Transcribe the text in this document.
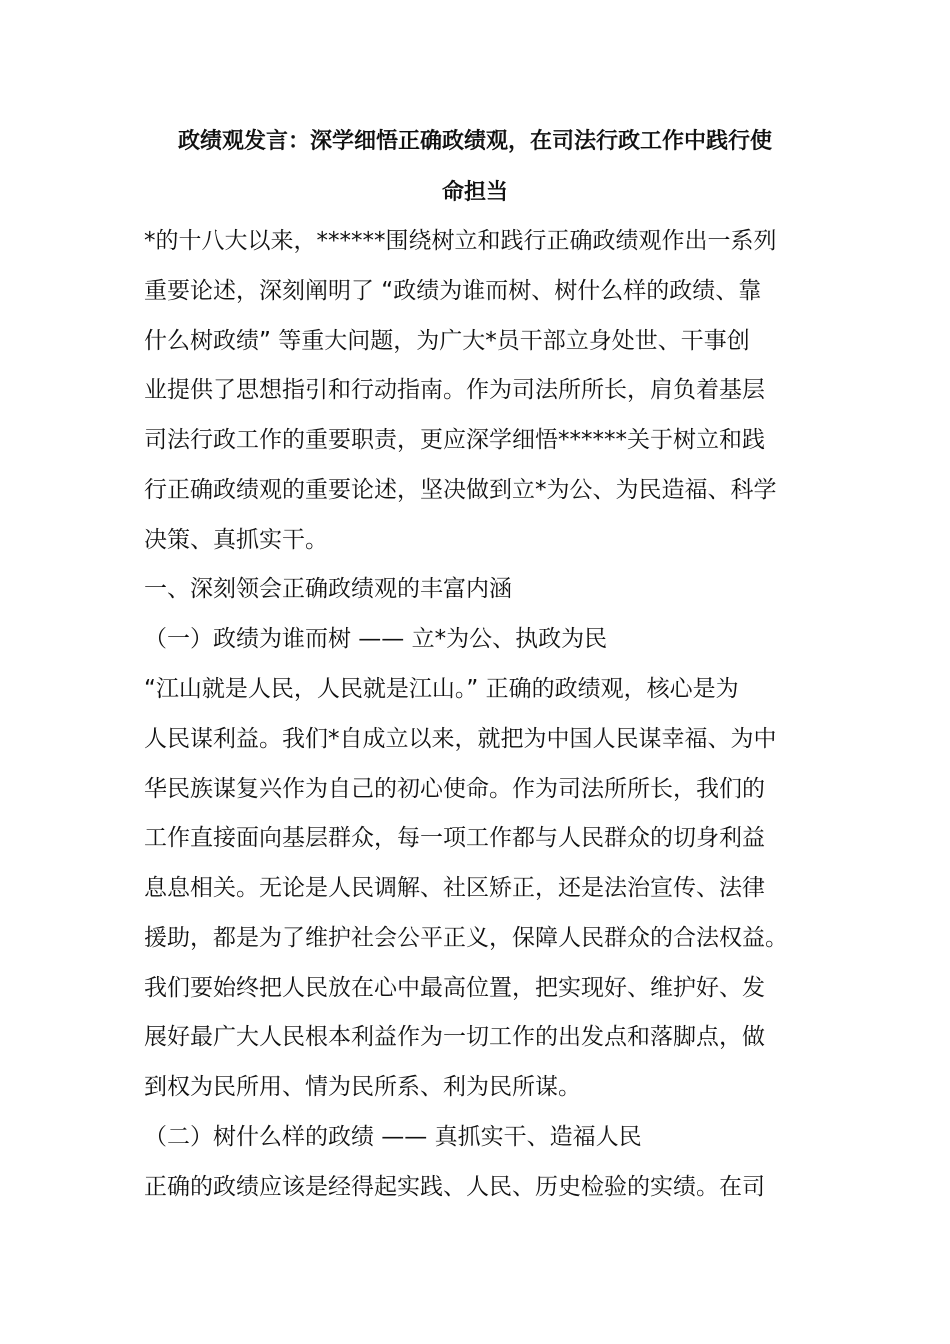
政绩观发言：深学细悟正确政绩观，在司法行政工作中践行使
命担当
*的十八大以来，******围绕树立和践行正确政绩观作出一系列
重要论述，深刻阐明了 “政绩为谁而树、树什么样的政绩、靠
什么树政绩” 等重大问题，为广大*员干部立身处世、干事创
业提供了思想指引和行动指南。作为司法所所长，肩负着基层
司法行政工作的重要职责，更应深学细悟******关于树立和践
行正确政绩观的重要论述，坚决做到立*为公、为民造福、科学
决策、真抓实干。
一、深刻领会正确政绩观的丰富内涵
（一）政绩为谁而树 —— 立*为公、执政为民
“江山就是人民，人民就是江山。” 正确的政绩观，核心是为
人民谋利益。我们*自成立以来，就把为中国人民谋幸福、为中
华民族谋复兴作为自己的初心使命。作为司法所所长，我们的
工作直接面向基层群众，每一项工作都与人民群众的切身利益
息息相关。无论是人民调解、社区矫正，还是法治宣传、法律
援助，都是为了维护社会公平正义，保障人民群众的合法权益。
我们要始终把人民放在心中最高位置，把实现好、维护好、发
展好最广大人民根本利益作为一切工作的出发点和落脚点，做
到权为民所用、情为民所系、利为民所谋。
（二）树什么样的政绩 —— 真抓实干、造福人民
正确的政绩应该是经得起实践、人民、历史检验的实绩。在司
